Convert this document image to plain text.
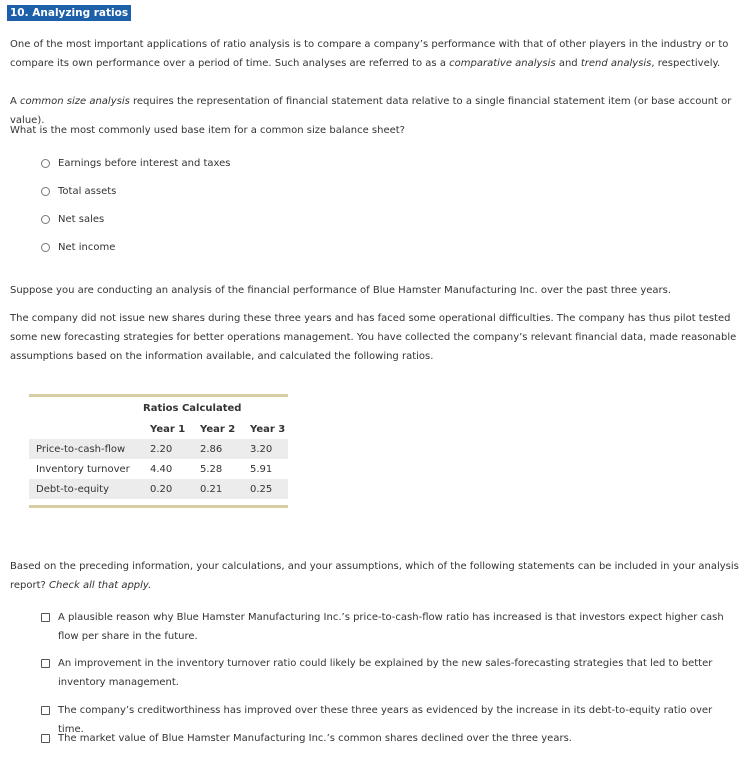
10. Analyzing ratios

One of the most important applications of ratio analysis is to compare a company’s performance with that of other players in the industry or to compare its own performance over a period of time. Such analyses are referred to as a comparative analysis and trend analysis, respectively.

A common size analysis requires the representation of financial statement data relative to a single financial statement item (or base account or value).

What is the most commonly used base item for a common size balance sheet?

Earnings before interest and taxes
Total assets
Net sales
Net income

Suppose you are conducting an analysis of the financial performance of Blue Hamster Manufacturing Inc. over the past three years.

The company did not issue new shares during these three years and has faced some operational difficulties. The company has thus pilot tested some new forecasting strategies for better operations management. You have collected the company’s relevant financial data, made reasonable assumptions based on the information available, and calculated the following ratios.

Ratios Calculated			
	Year 1	Year 2	Year 3
Price-to-cash-flow	2.20	2.86	3.20
Inventory turnover	4.40	5.28	5.91
Debt-to-equity	0.20	0.21	0.25

Based on the preceding information, your calculations, and your assumptions, which of the following statements can be included in your analysis report? Check all that apply.

A plausible reason why Blue Hamster Manufacturing Inc.’s price-to-cash-flow ratio has increased is that investors expect higher cash flow per share in the future.
An improvement in the inventory turnover ratio could likely be explained by the new sales-forecasting strategies that led to better inventory management.
The company’s creditworthiness has improved over these three years as evidenced by the increase in its debt-to-equity ratio over time.
The market value of Blue Hamster Manufacturing Inc.’s common shares declined over the three years.
